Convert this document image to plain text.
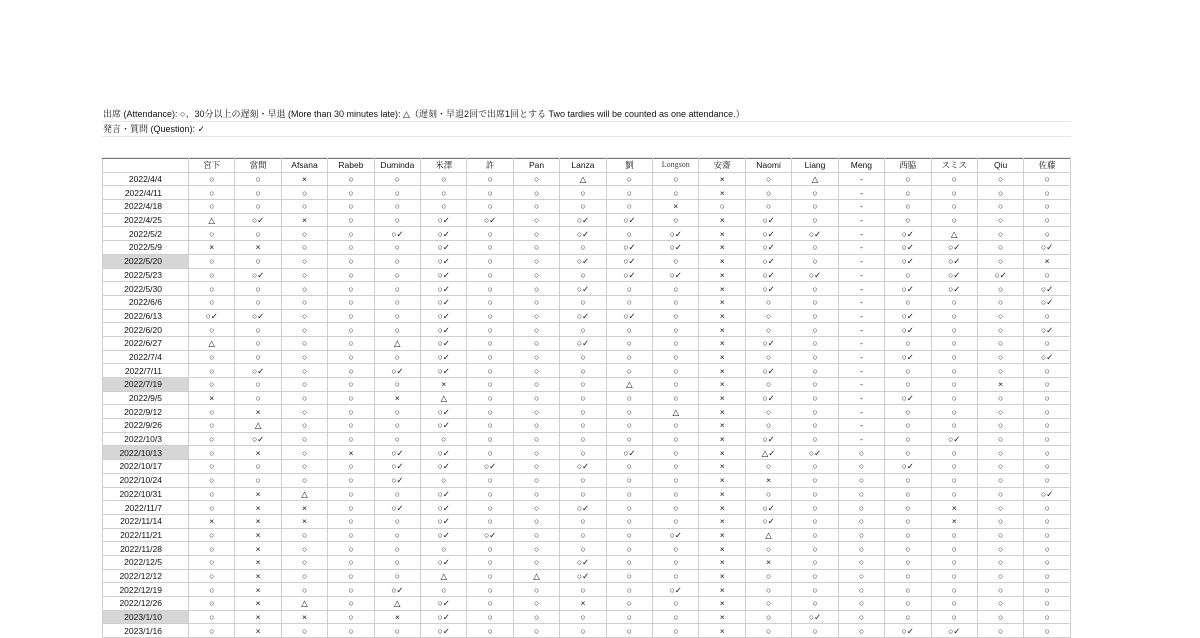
出席 (Attendance): ○、30分以上の遅刻・早退 (More than 30 minutes late): △（遅刻・早退2回で出席1回とする Two tardies will be counted as one attendance.）
発言・質問 (Question): ✓
	宮下	當間	Afsana	Rabeb	Duminda	米澤	許	Pan	Lanza	劉	Longson	安齋	Naomi	Liang	Meng	西脇	スミス	Qiu	佐藤
2022/4/4	○	○	×	○	○	○	○	○	△	○	○	×	○	△	-	○	○	○	○
2022/4/11	○	○	○	○	○	○	○	○	○	○	○	×	○	○	-	○	○	○	○
2022/4/18	○	○	○	○	○	○	○	○	○	○	×	○	○	○	-	○	○	○	○
2022/4/25	△	○✓	×	○	○	○✓	○✓	○	○✓	○✓	○	×	○✓	○	-	○	○	○	○
2022/5/2	○	○	○	○	○✓	○✓	○	○	○✓	○	○✓	×	○✓	○✓	-	○✓	△	○	○
2022/5/9	×	×	○	○	○	○✓	○	○	○	○✓	○✓	×	○✓	○	-	○✓	○✓	○	○✓
2022/5/20	○	○	○	○	○	○✓	○	○	○✓	○✓	○	×	○✓	○	-	○✓	○✓	○	×
2022/5/23	○	○✓	○	○	○	○✓	○	○	○	○✓	○✓	×	○✓	○✓	-	○	○✓	○✓	○
2022/5/30	○	○	○	○	○	○✓	○	○	○✓	○	○	×	○✓	○	-	○✓	○✓	○	○✓
2022/6/6	○	○	○	○	○	○✓	○	○	○	○	○	×	○	○	-	○	○	○	○✓
2022/6/13	○✓	○✓	○	○	○	○✓	○	○	○✓	○✓	○	×	○	○	-	○✓	○	○	○
2022/6/20	○	○	○	○	○	○✓	○	○	○	○	○	×	○	○	-	○✓	○	○	○✓
2022/6/27	△	○	○	○	△	○✓	○	○	○✓	○	○	×	○✓	○	-	○	○	○	○
2022/7/4	○	○	○	○	○	○✓	○	○	○	○	○	×	○	○	-	○✓	○	○	○✓
2022/7/11	○	○✓	○	○	○✓	○✓	○	○	○	○	○	×	○✓	○	-	○	○	○	○
2022/7/19	○	○	○	○	○	×	○	○	○	△	○	×	○	○	-	○	○	×	○
2022/9/5	×	○	○	○	×	△	○	○	○	○	○	×	○✓	○	-	○✓	○	○	○
2022/9/12	○	×	○	○	○	○✓	○	○	○	○	△	×	○	○	-	○	○	○	○
2022/9/26	○	△	○	○	○	○✓	○	○	○	○	○	×	○	○	-	○	○	○	○
2022/10/3	○	○✓	○	○	○	○	○	○	○	○	○	×	○✓	○	-	○	○✓	○	○
2022/10/13	○	×	○	×	○✓	○✓	○	○	○	○✓	○	×	△✓	○✓	○	○	○	○	○
2022/10/17	○	○	○	○	○✓	○✓	○✓	○	○✓	○	○	×	○	○	○	○✓	○	○	○
2022/10/24	○	○	○	○	○✓	○	○	○	○	○	○	×	×	○	○	○	○	○	○
2022/10/31	○	×	△	○	○	○✓	○	○	○	○	○	×	○	○	○	○	○	○	○✓
2022/11/7	○	×	×	○	○✓	○✓	○	○	○✓	○	○	×	○✓	○	○	○	×	○	○
2022/11/14	×	×	×	○	○	○✓	○	○	○	○	○	×	○✓	○	○	○	×	○	○
2022/11/21	○	×	○	○	○	○✓	○✓	○	○	○	○✓	×	△	○	○	○	○	○	○
2022/11/28	○	×	○	○	○	○	○	○	○	○	○	×	○	○	○	○	○	○	○
2022/12/5	○	×	○	○	○	○✓	○	○	○✓	○	○	×	×	○	○	○	○	○	○
2022/12/12	○	×	○	○	○	△	○	△	○✓	○	○	×	○	○	○	○	○	○	○
2022/12/19	○	×	○	○	○✓	○	○	○	○	○	○✓	×	○	○	○	○	○	○	○
2022/12/26	○	×	△	○	△	○✓	○	○	×	○	○	×	○	○	○	○	○	○	○
2023/1/10	○	×	×	○	×	○✓	○	○	○	○	○	×	○	○✓	○	○	○	○	○
2023/1/16	○	×	○	○	○	○✓	○	○	○	○	○	×	○	○	○	○✓	○✓	○	○
